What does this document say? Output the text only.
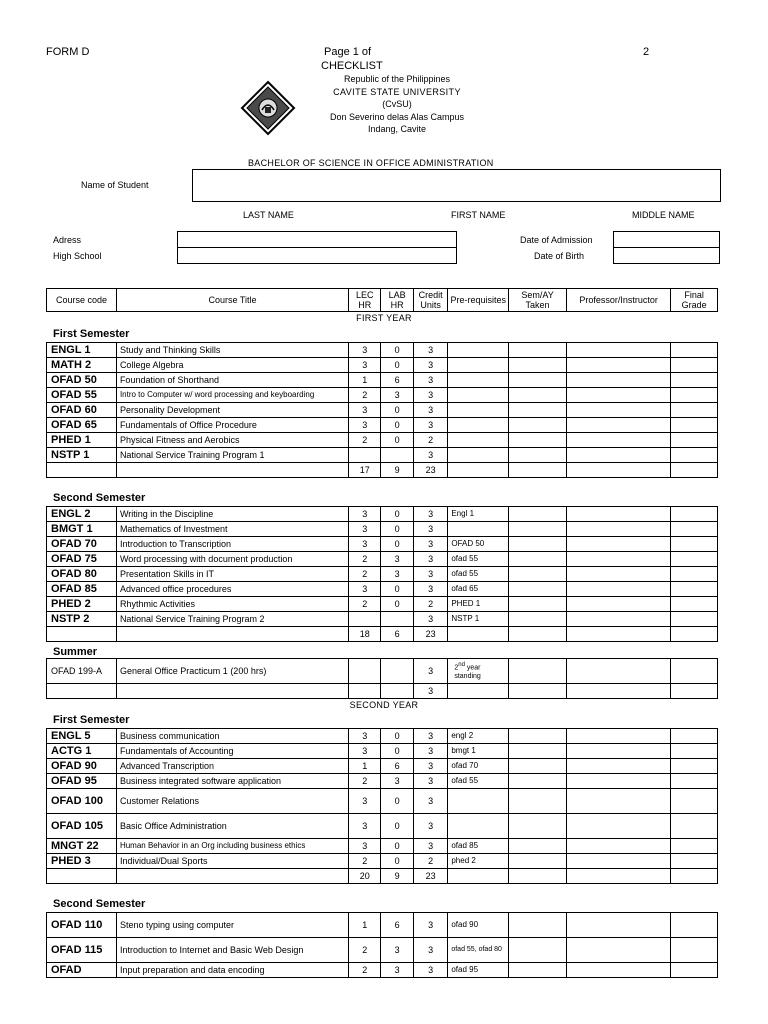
FORM D	Page 1 of	2
CHECKLIST
Republic of the Philippines
CAVITE STATE UNIVERSITY
(CvSU)
Don Severino delas Alas Campus
Indang, Cavite
BACHELOR OF SCIENCE IN OFFICE ADMINISTRATION
Name of Student
LAST NAME	FIRST NAME	MIDDLE NAME
Adress
High School
Date of Admission
Date of Birth
Course code	Course Title	LEC HR	LAB HR	Credit Units	Pre-requisites	Sem/AY Taken	Professor/Instructor	Final Grade
FIRST YEAR
First Semester
Second Semester
Summer
SECOND YEAR
First Semester
Second Semester
ENGL 1	Study and Thinking Skills	3	0	3				
MATH 2	College Algebra	3	0	3				
OFAD 50	Foundation of Shorthand	1	6	3				
OFAD 55	Intro to Computer w/ word processing and keyboarding	2	3	3				
OFAD 60	Personality Development	3	0	3				
OFAD 65	Fundamentals of Office Procedure	3	0	3				
PHED 1	Physical Fitness and Aerobics	2	0	2				
NSTP 1	National Service Training Program 1			3				
		17	9	23				
ENGL 2	Writing in the Discipline	3	0	3	Engl 1			
BMGT 1	Mathematics of Investment	3	0	3				
OFAD 70	Introduction to Transcription	3	0	3	OFAD 50			
OFAD 75	Word processing with document production	2	3	3	ofad 55			
OFAD 80	Presentation Skills in IT	2	3	3	ofad 55			
OFAD 85	Advanced office procedures	3	0	3	ofad 65			
PHED 2	Rhythmic Activities	2	0	2	PHED 1			
NSTP 2	National Service Training Program 2			3	NSTP 1			
		18	6	23				
OFAD 199-A	General Office Practicum 1 (200 hrs)			3	2nd year standing			
				3				
ENGL 5	Business communication	3	0	3	engl 2			
ACTG 1	Fundamentals of Accounting	3	0	3	bmgt 1			
OFAD 90	Advanced Transcription	1	6	3	ofad 70			
OFAD 95	Business integrated software application	2	3	3	ofad 55			
OFAD 100	Customer Relations	3	0	3				
OFAD 105	Basic Office Administration	3	0	3				
MNGT 22	Human Behavior in an Org including business ethics	3	0	3	ofad 85			
PHED 3	Individual/Dual Sports	2	0	2	phed 2			
		20	9	23				
OFAD 110	Steno typing using computer	1	6	3	ofad 90			
OFAD 115	Introduction to Internet and Basic Web Design	2	3	3	ofad 55, ofad 80			
OFAD	Input preparation and data encoding	2	3	3	ofad 95			
